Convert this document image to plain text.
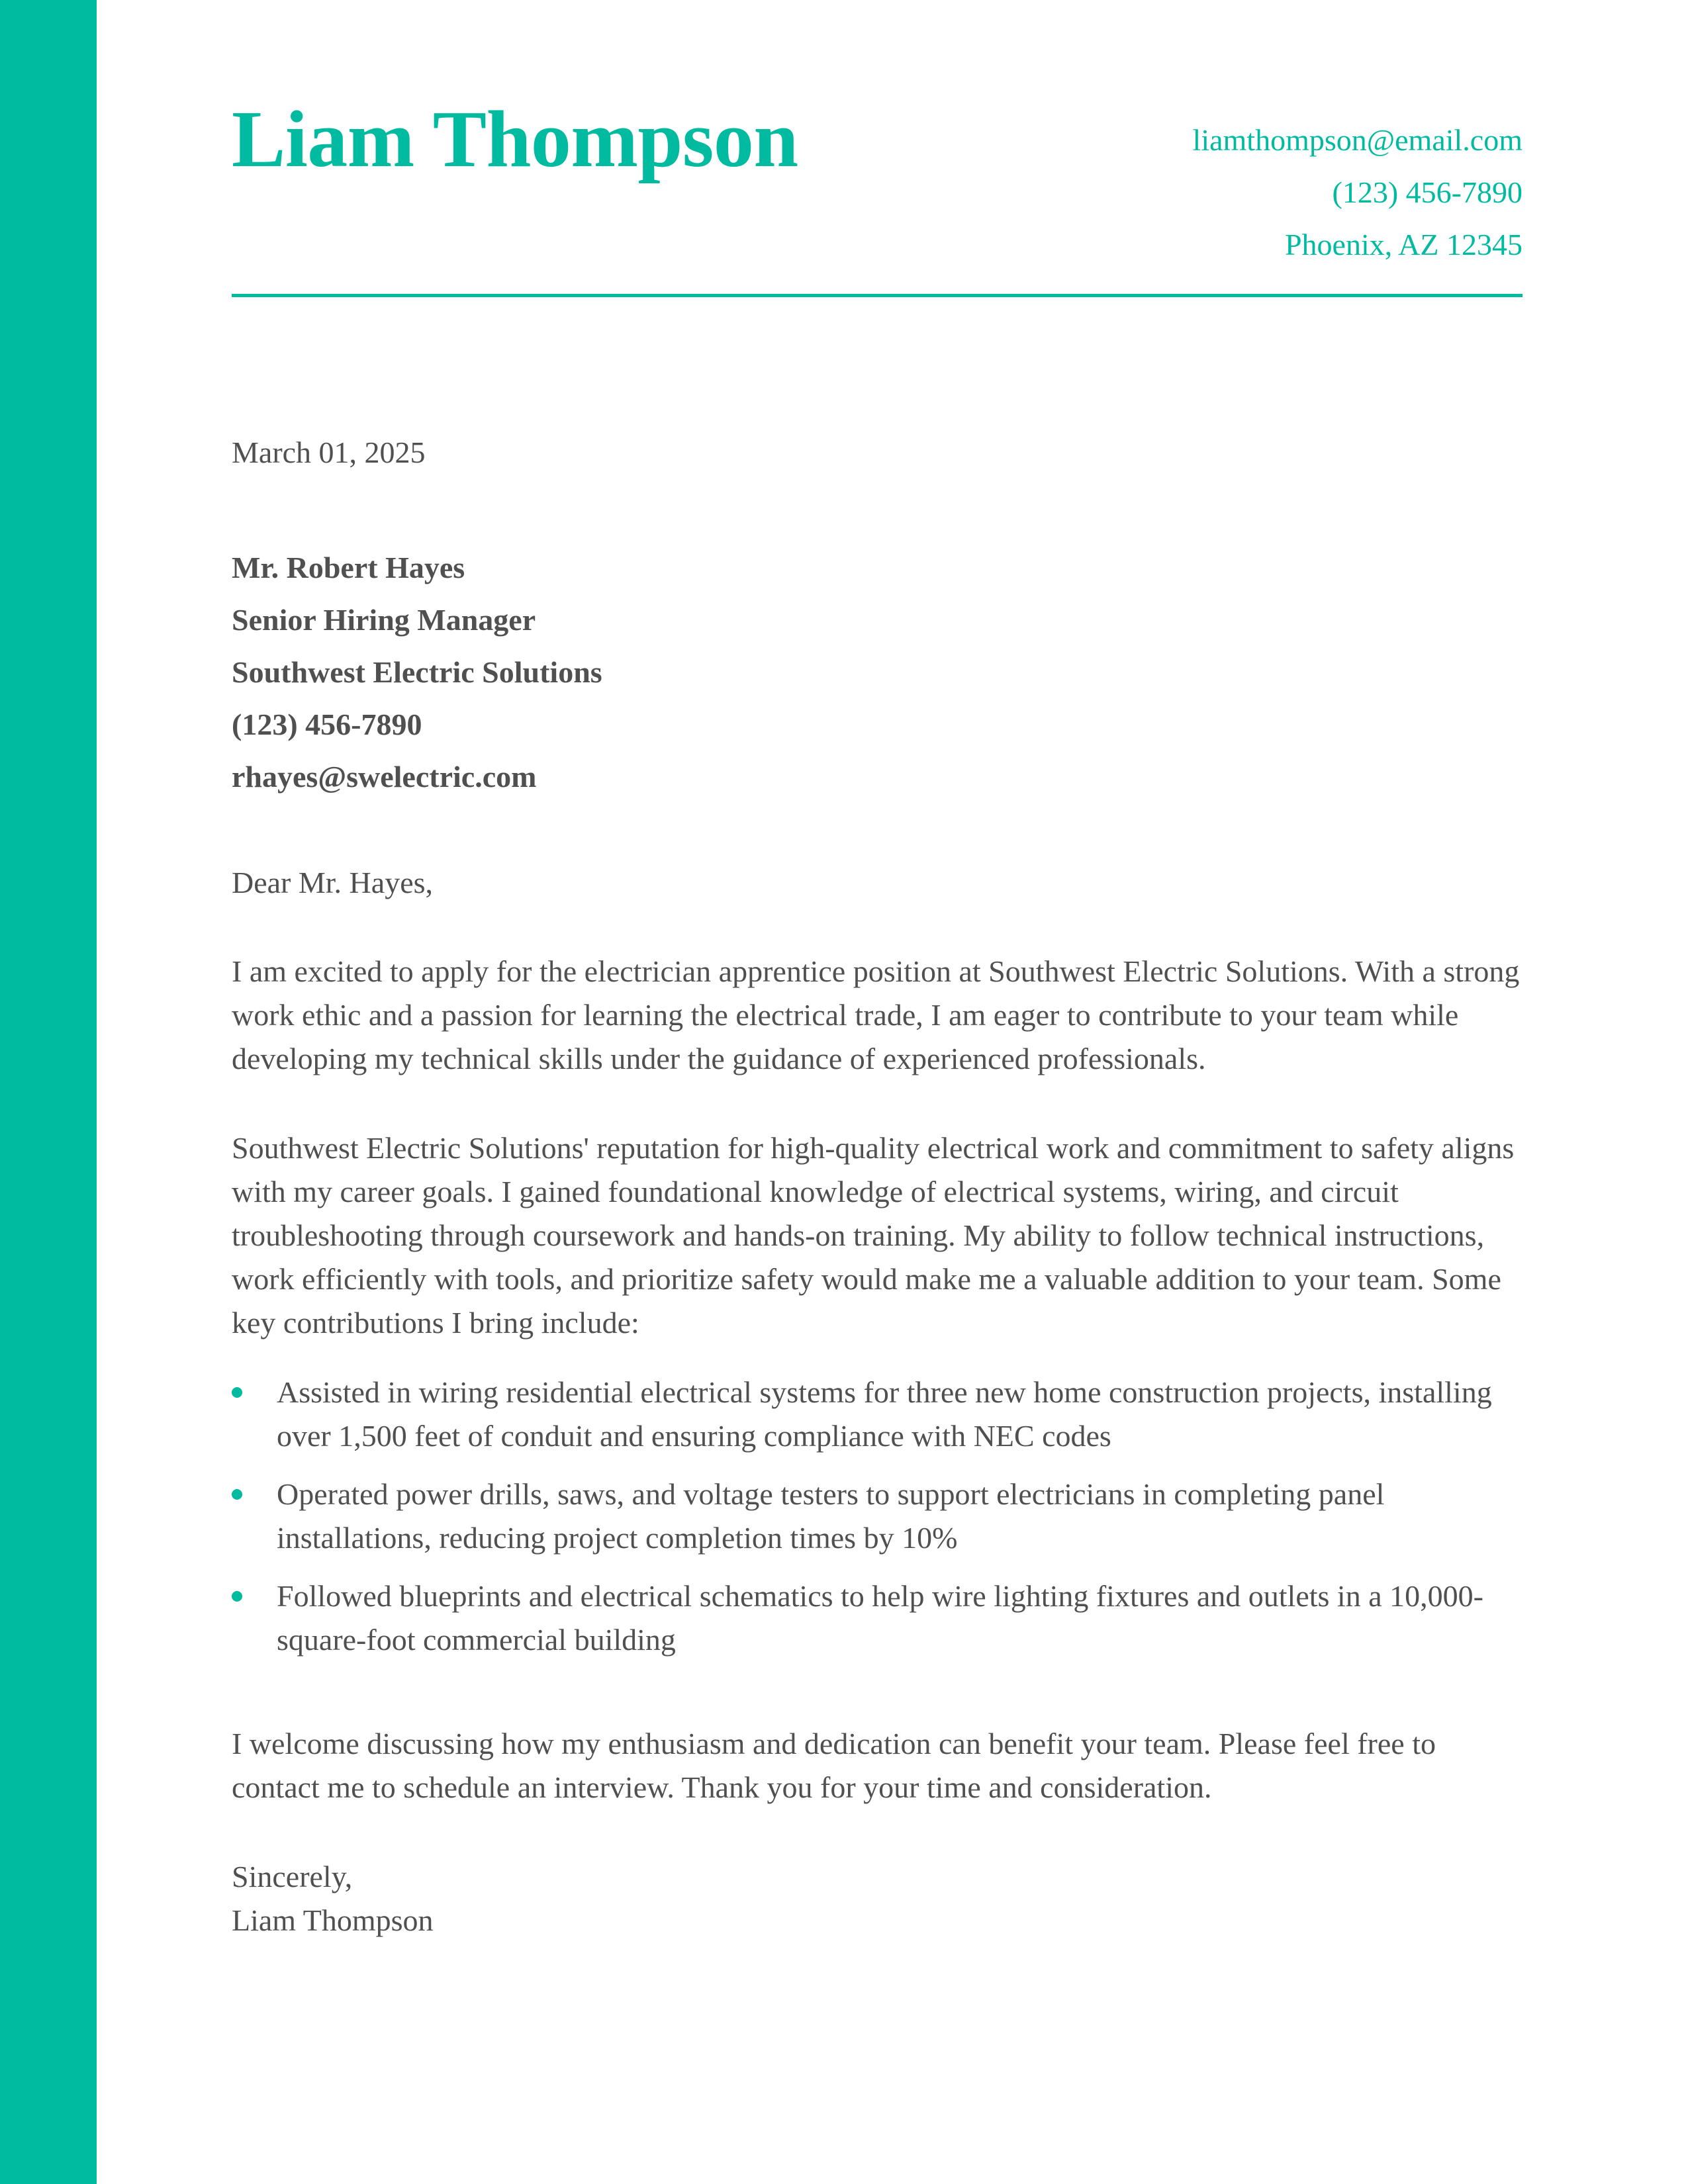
Liam Thompson	liamthompson@email.com
(123) 456-7890
Phoenix, AZ 12345
March 01, 2025
Mr. Robert Hayes
Senior Hiring Manager
Southwest Electric Solutions
(123) 456-7890
rhayes@swelectric.com
Dear Mr. Hayes,

I am excited to apply for the electrician apprentice position at Southwest Electric Solutions. With a strong work ethic and a passion for learning the electrical trade, I am eager to contribute to your team while developing my technical skills under the guidance of experienced professionals.

Southwest Electric Solutions' reputation for high-quality electrical work and commitment to safety aligns with my career goals. I gained foundational knowledge of electrical systems, wiring, and circuit troubleshooting through coursework and hands-on training. My ability to follow technical instructions, work efficiently with tools, and prioritize safety would make me a valuable addition to your team. Some key contributions I bring include:

Assisted in wiring residential electrical systems for three new home construction projects, installing over 1,500 feet of conduit and ensuring compliance with NEC codes
Operated power drills, saws, and voltage testers to support electricians in completing panel installations, reducing project completion times by 10%
Followed blueprints and electrical schematics to help wire lighting fixtures and outlets in a 10,000-square-foot commercial building

I welcome discussing how my enthusiasm and dedication can benefit your team. Please feel free to contact me to schedule an interview. Thank you for your time and consideration.

Sincerely,
Liam Thompson
